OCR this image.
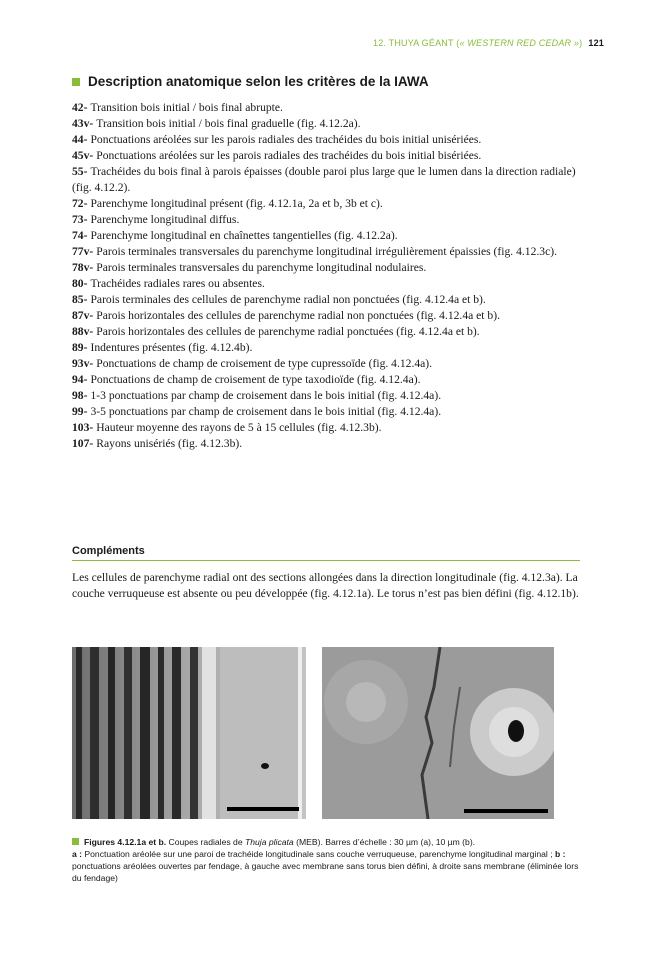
12. THUYA GÉANT (« WESTERN RED CEDAR ») 121
Description anatomique selon les critères de la IAWA
42- Transition bois initial / bois final abrupte.
43v- Transition bois initial / bois final graduelle (fig. 4.12.2a).
44- Ponctuations aréolées sur les parois radiales des trachéides du bois initial unisériées.
45v- Ponctuations aréolées sur les parois radiales des trachéides du bois initial bisériées.
55- Trachéides du bois final à parois épaisses (double paroi plus large que le lumen dans la direction radiale) (fig. 4.12.2).
72- Parenchyme longitudinal présent (fig. 4.12.1a, 2a et b, 3b et c).
73- Parenchyme longitudinal diffus.
74- Parenchyme longitudinal en chaînettes tangentielles (fig. 4.12.2a).
77v- Parois terminales transversales du parenchyme longitudinal irrégulièrement épaissies (fig. 4.12.3c).
78v- Parois terminales transversales du parenchyme longitudinal nodulaires.
80- Trachéides radiales rares ou absentes.
85- Parois terminales des cellules de parenchyme radial non ponctuées (fig. 4.12.4a et b).
87v- Parois horizontales des cellules de parenchyme radial non ponctuées (fig. 4.12.4a et b).
88v- Parois horizontales des cellules de parenchyme radial ponctuées (fig. 4.12.4a et b).
89- Indentures présentes (fig. 4.12.4b).
93v- Ponctuations de champ de croisement de type cupressoïde (fig. 4.12.4a).
94- Ponctuations de champ de croisement de type taxodioïde (fig. 4.12.4a).
98- 1-3 ponctuations par champ de croisement dans le bois initial (fig. 4.12.4a).
99- 3-5 ponctuations par champ de croisement dans le bois initial (fig. 4.12.4a).
103- Hauteur moyenne des rayons de 5 à 15 cellules (fig. 4.12.3b).
107- Rayons unisériés (fig. 4.12.3b).
Compléments

Les cellules de parenchyme radial ont des sections allongées dans la direction longitudinale (fig. 4.12.3a). La couche verruqueuse est absente ou peu développée (fig. 4.12.1a). Le torus n’est pas bien défini (fig. 4.12.1b).

Figures 4.12.1a et b. Coupes radiales de Thuja plicata (MEB). Barres d’échelle : 30 µm (a), 10 µm (b).
a : Ponctuation aréolée sur une paroi de trachéide longitudinale sans couche verruqueuse, parenchyme longitudinal marginal ; b : ponctuations aréolées ouvertes par fendage, à gauche avec membrane sans torus bien défini, à droite sans membrane (éliminée lors du fendage)
